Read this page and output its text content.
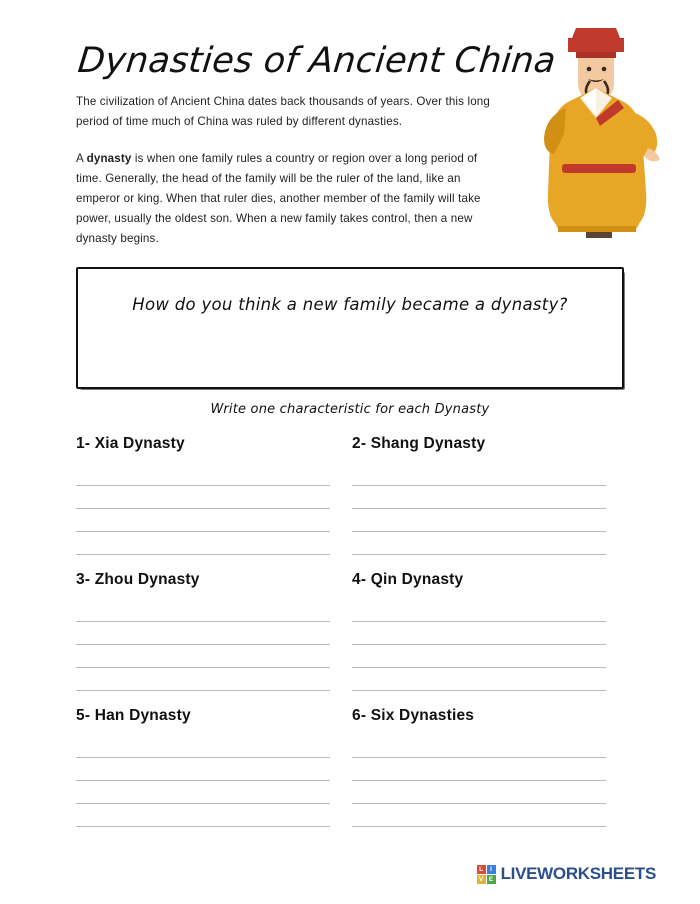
Dynasties of Ancient China

The civilization of Ancient China dates back thousands of years. Over this long period of time much of China was ruled by different dynasties.

A dynasty is when one family rules a country or region over a long period of time. Generally, the head of the family will be the ruler of the land, like an emperor or king. When that ruler dies, another member of the family will take power, usually the oldest son. When a new family takes control, then a new dynasty begins.

How do you think a new family became a dynasty?
Write one characteristic for each Dynasty
1- Xia Dynasty	2- Shang Dynasty
3- Zhou Dynasty	4- Qin Dynasty
5- Han Dynasty	6- Six Dynasties
L	I
V E LIVEWORKSHEETS
